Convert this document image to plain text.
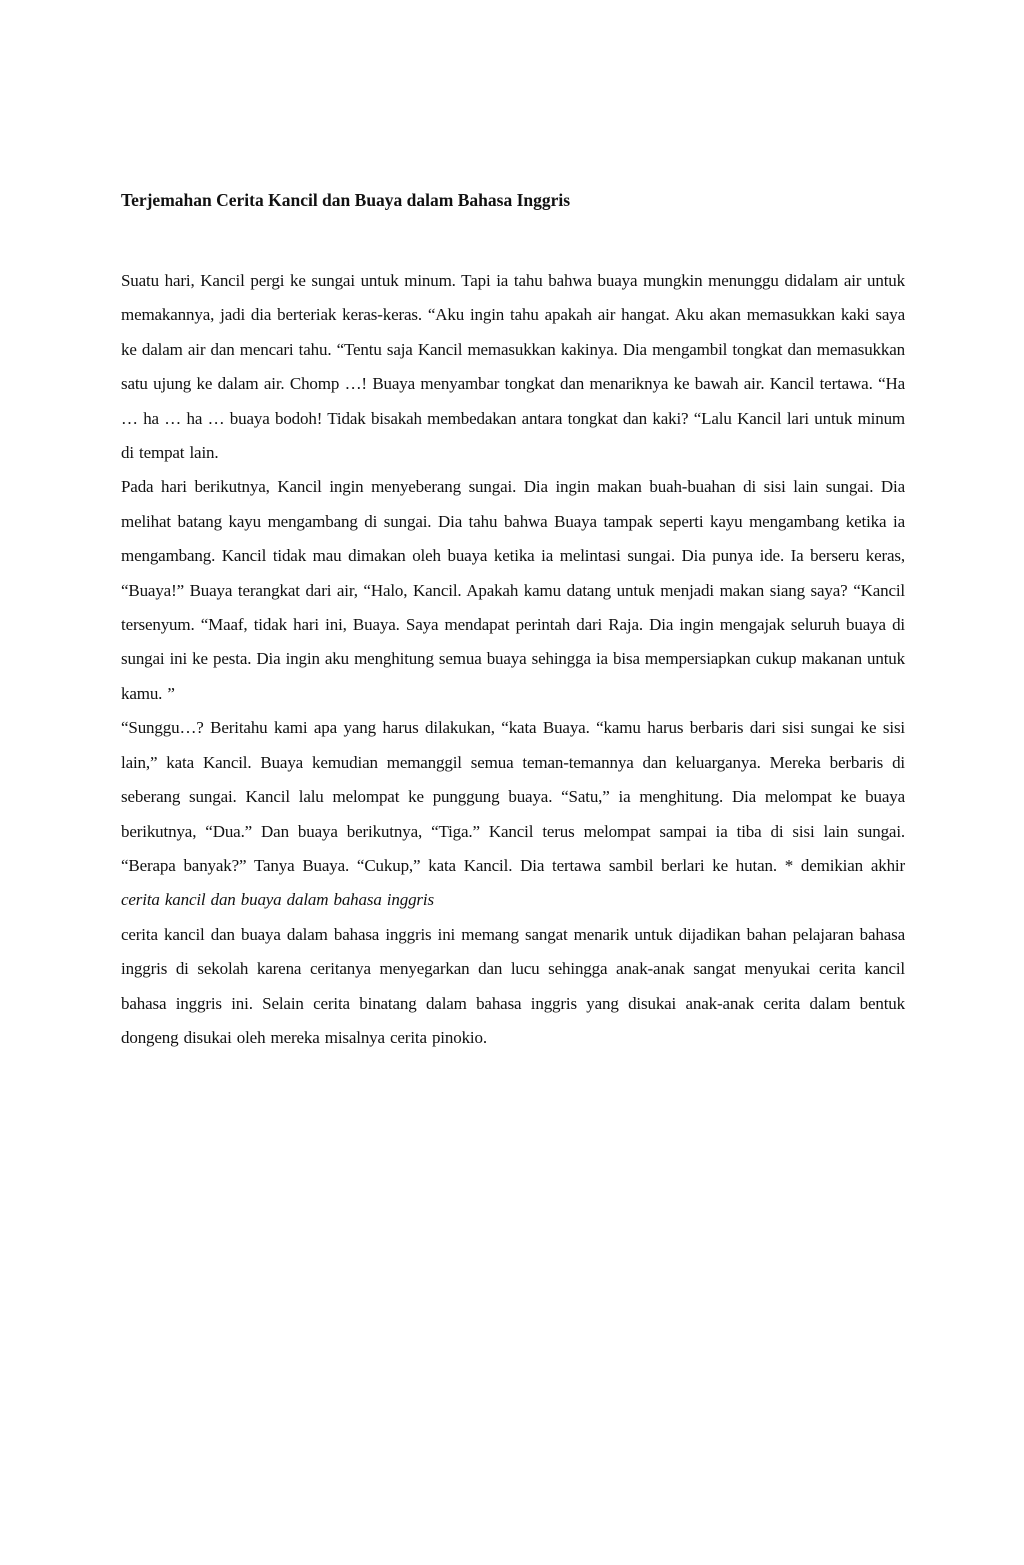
Terjemahan Cerita Kancil dan Buaya dalam Bahasa Inggris

Suatu hari, Kancil pergi ke sungai untuk minum. Tapi ia tahu bahwa buaya mungkin menunggu didalam air untuk memakannya, jadi dia berteriak keras-keras. “Aku ingin tahu apakah air hangat. Aku akan memasukkan kaki saya ke dalam air dan mencari tahu. “Tentu saja Kancil memasukkan kakinya. Dia mengambil tongkat dan memasukkan satu ujung ke dalam air. Chomp …! Buaya menyambar tongkat dan menariknya ke bawah air. Kancil tertawa. “Ha … ha … ha … buaya bodoh! Tidak bisakah membedakan antara tongkat dan kaki? “Lalu Kancil lari untuk minum di tempat lain.

Pada hari berikutnya, Kancil ingin menyeberang sungai. Dia ingin makan buah-buahan di sisi lain sungai. Dia melihat batang kayu mengambang di sungai. Dia tahu bahwa Buaya tampak seperti kayu mengambang ketika ia mengambang. Kancil tidak mau dimakan oleh buaya ketika ia melintasi sungai. Dia punya ide. Ia berseru keras, “Buaya!” Buaya terangkat dari air, “Halo, Kancil. Apakah kamu datang untuk menjadi makan siang saya? “Kancil tersenyum. “Maaf, tidak hari ini, Buaya. Saya mendapat perintah dari Raja. Dia ingin mengajak seluruh buaya di sungai ini ke pesta. Dia ingin aku menghitung semua buaya sehingga ia bisa mempersiapkan cukup makanan untuk kamu. ”

“Sunggu…? Beritahu kami apa yang harus dilakukan, “kata Buaya. “kamu harus berbaris dari sisi sungai ke sisi lain,” kata Kancil. Buaya kemudian memanggil semua teman-temannya dan keluarganya. Mereka berbaris di seberang sungai. Kancil lalu melompat ke punggung buaya. “Satu,” ia menghitung. Dia melompat ke buaya berikutnya, “Dua.” Dan buaya berikutnya, “Tiga.” Kancil terus melompat sampai ia tiba di sisi lain sungai. “Berapa banyak?” Tanya Buaya. “Cukup,” kata Kancil. Dia tertawa sambil berlari ke hutan. * demikian akhir cerita kancil dan buaya dalam bahasa inggris

cerita kancil dan buaya dalam bahasa inggris ini memang sangat menarik untuk dijadikan bahan pelajaran bahasa inggris di sekolah karena ceritanya menyegarkan dan lucu sehingga anak-anak sangat menyukai cerita kancil bahasa inggris ini. Selain cerita binatang dalam bahasa inggris yang disukai anak-anak cerita dalam bentuk dongeng disukai oleh mereka misalnya cerita pinokio.
